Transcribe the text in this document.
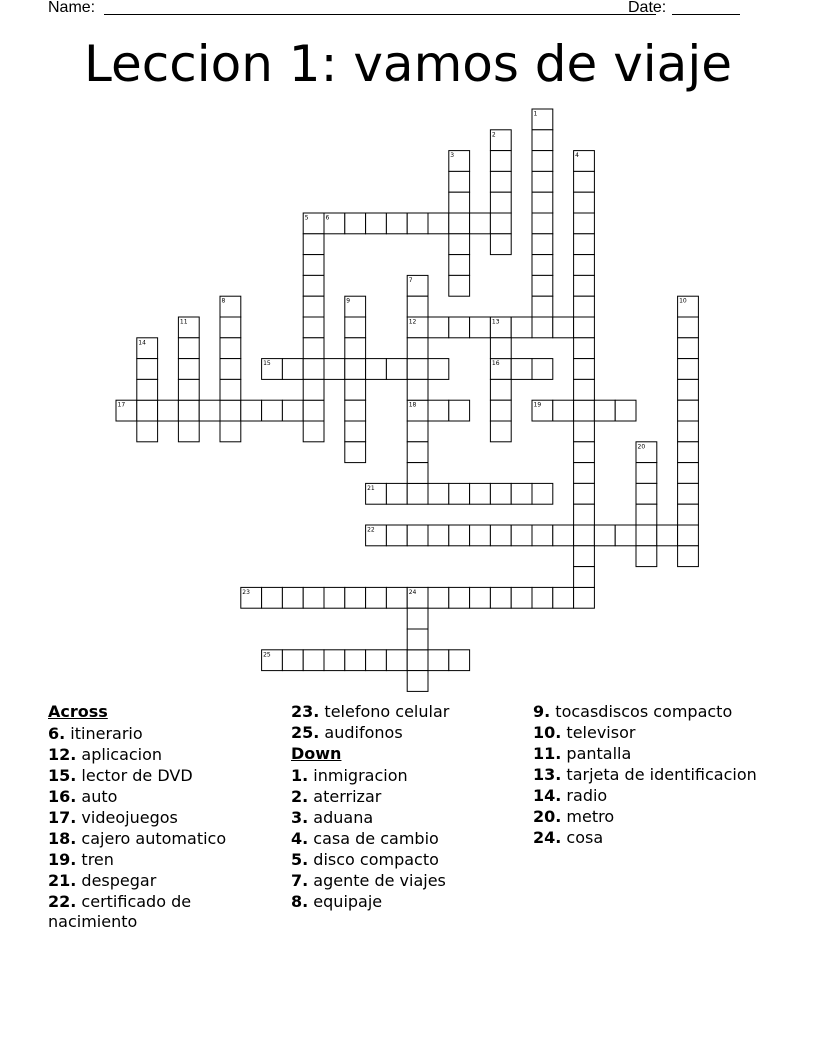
Name:	Date:
Leccion 1: vamos de viaje
6
12
15	16
17	18	19
21
22
23
25
1
2
3	4
5
7
8	9	10
11	13
14
20
24
Across
6. itinerario
12. aplicacion
15. lector de DVD
16. auto
17. videojuegos
18. cajero automatico
19. tren
21. despegar
22. certificado de nacimiento
23. telefono celular
25. audifonos
Down
1. inmigracion
2. aterrizar
3. aduana
4. casa de cambio
5. disco compacto
7. agente de viajes
8. equipaje
9. tocasdiscos compacto
10. televisor
11. pantalla
13. tarjeta de identificacion
14. radio
20. metro
24. cosa
